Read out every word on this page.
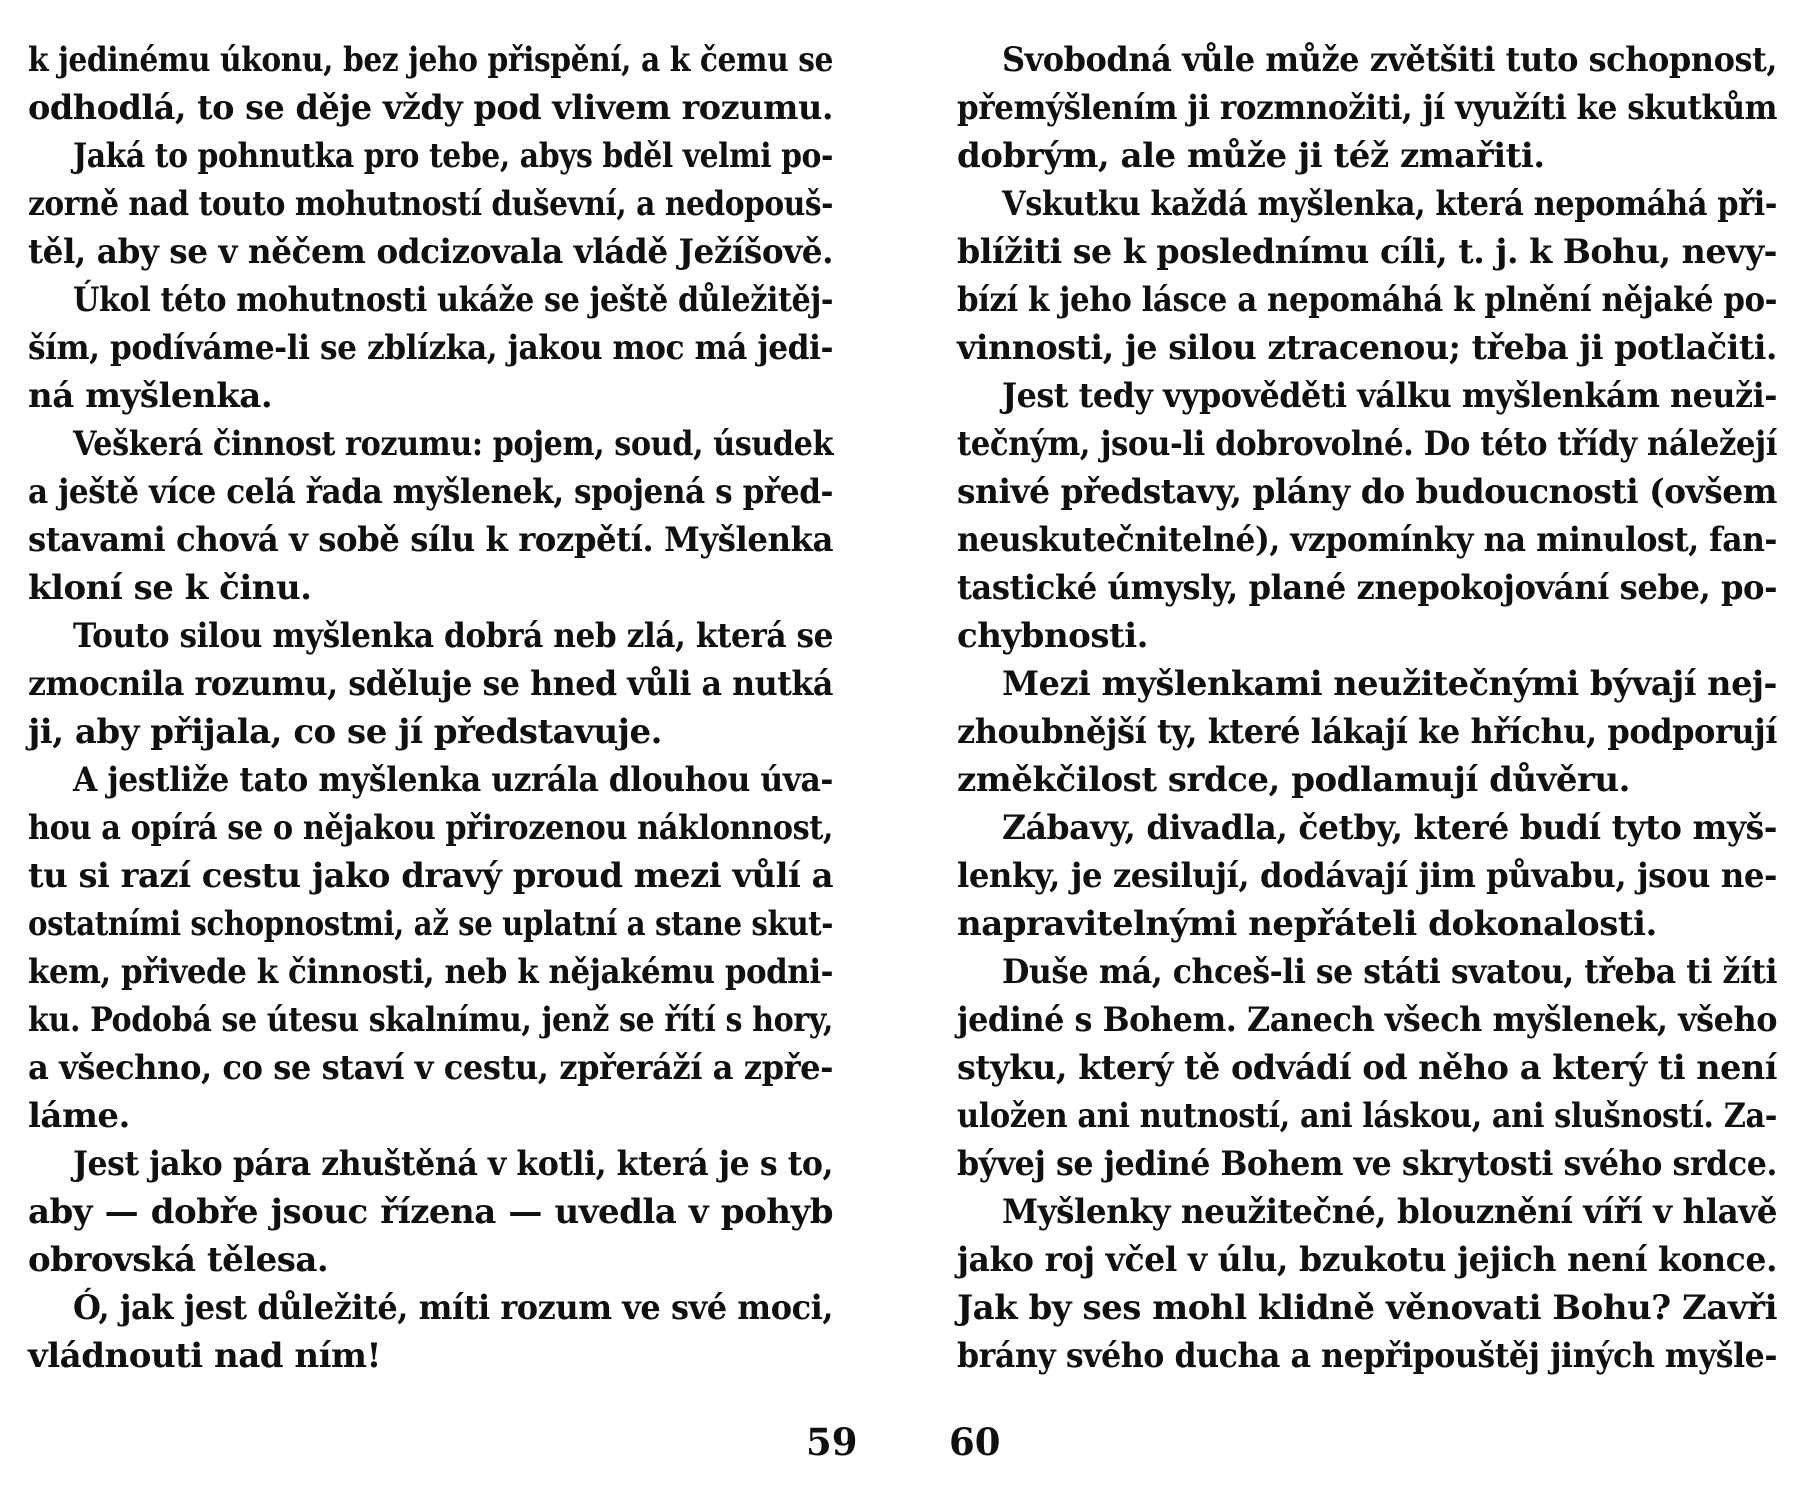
k jedinému úkonu, bez jeho přispění, a k čemu se
odhodlá, to se děje vždy pod vlivem rozumu.
Jaká to pohnutka pro tebe, abys bděl velmi po-
zorně nad touto mohutností duševní, a nedopouš-
těl, aby se v něčem odcizovala vládě Ježíšově.
Úkol této mohutnosti ukáže se ještě důležitěj-
ším, podíváme-li se zblízka, jakou moc má jedi-
ná myšlenka.
Veškerá činnost rozumu: pojem, soud, úsudek
a ještě více celá řada myšlenek, spojená s před-
stavami chová v sobě sílu k rozpětí. Myšlenka
kloní se k činu.
Touto silou myšlenka dobrá neb zlá, která se
zmocnila rozumu, sděluje se hned vůli a nutká
ji, aby přijala, co se jí představuje.
A jestliže tato myšlenka uzrála dlouhou úva-
hou a opírá se o nějakou přirozenou náklonnost,
tu si razí cestu jako dravý proud mezi vůlí a
ostatními schopnostmi, až se uplatní a stane skut-
kem, přivede k činnosti, neb k nějakému podni-
ku. Podobá se útesu skalnímu, jenž se řítí s hory,
a všechno, co se staví v cestu, zpřeráží a zpře-
láme.
Jest jako pára zhuštěná v kotli, která je s to,
aby — dobře jsouc řízena — uvedla v pohyb
obrovská tělesa.
Ó, jak jest důležité, míti rozum ve své moci,
vládnouti nad ním!
Svobodná vůle může zvětšiti tuto schopnost,
přemýšlením ji rozmnožiti, jí využíti ke skutkům
dobrým, ale může ji též zmařiti.
Vskutku každá myšlenka, která nepomáhá při-
blížiti se k poslednímu cíli, t. j. k Bohu, nevy-
bízí k jeho lásce a nepomáhá k plnění nějaké po-
vinnosti, je silou ztracenou; třeba ji potlačiti.
Jest tedy vypověděti válku myšlenkám neuži-
tečným, jsou-li dobrovolné. Do této třídy náležejí
snivé představy, plány do budoucnosti (ovšem
neuskutečnitelné), vzpomínky na minulost, fan-
tastické úmysly, plané znepokojování sebe, po-
chybnosti.
Mezi myšlenkami neužitečnými bývají nej-
zhoubnější ty, které lákají ke hříchu, podporují
změkčilost srdce, podlamují důvěru.
Zábavy, divadla, četby, které budí tyto myš-
lenky, je zesilují, dodávají jim půvabu, jsou ne-
napravitelnými nepřáteli dokonalosti.
Duše má, chceš-li se státi svatou, třeba ti žíti
jediné s Bohem. Zanech všech myšlenek, všeho
styku, který tě odvádí od něho a který ti není
uložen ani nutností, ani láskou, ani slušností. Za-
bývej se jediné Bohem ve skrytosti svého srdce.
Myšlenky neužitečné, blouznění víří v hlavě
jako roj včel v úlu, bzukotu jejich není konce.
Jak by ses mohl klidně věnovati Bohu? Zavři
brány svého ducha a nepřipouštěj jiných myšle-
59 60
